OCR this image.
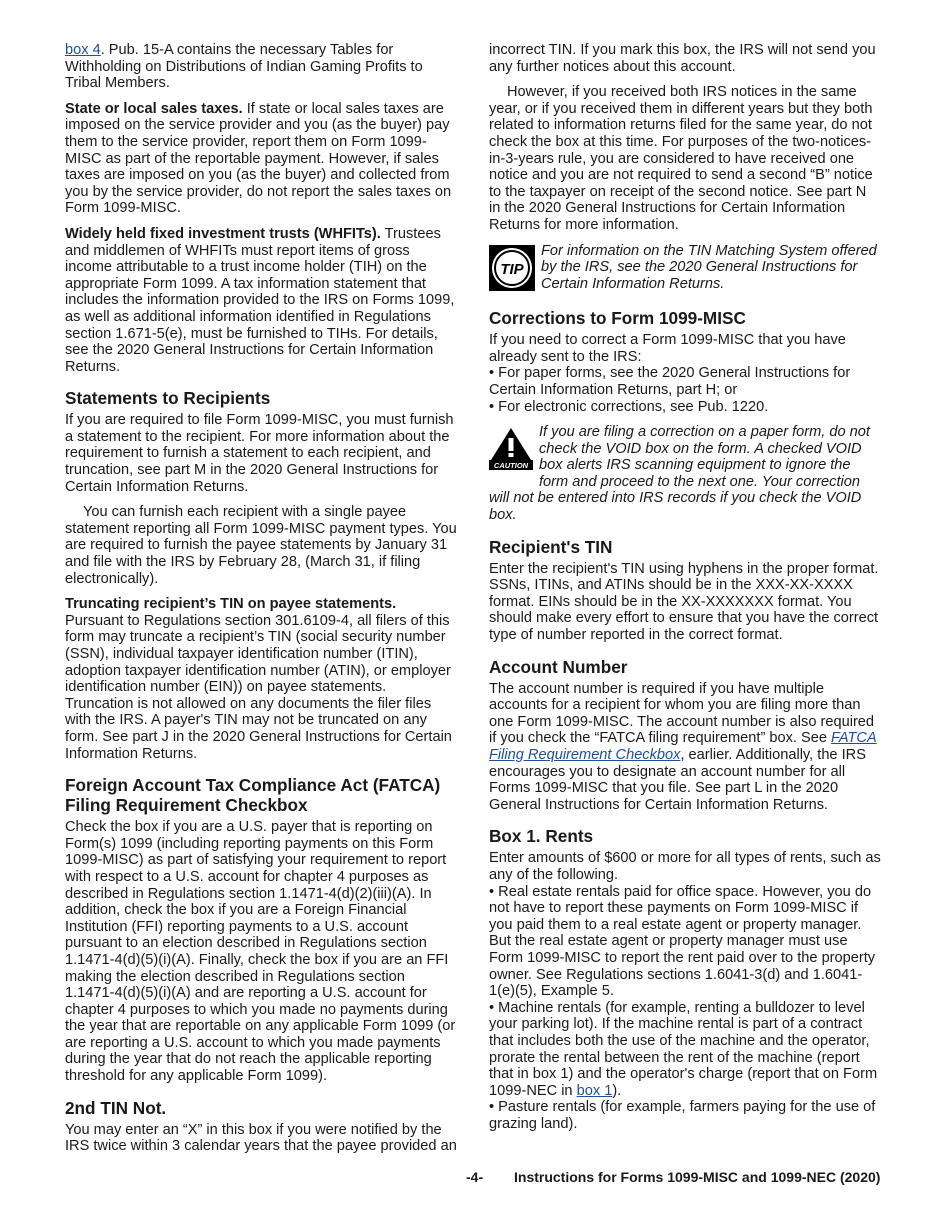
box 4. Pub. 15-A contains the necessary Tables for Withholding on Distributions of Indian Gaming Profits to Tribal Members.

State or local sales taxes. If state or local sales taxes are imposed on the service provider and you (as the buyer) pay them to the service provider, report them on Form 1099-MISC as part of the reportable payment. However, if sales taxes are imposed on you (as the buyer) and collected from you by the service provider, do not report the sales taxes on Form 1099-MISC.

Widely held fixed investment trusts (WHFITs). Trustees and middlemen of WHFITs must report items of gross income attributable to a trust income holder (TIH) on the appropriate Form 1099. A tax information statement that includes the information provided to the IRS on Forms 1099, as well as additional information identified in Regulations section 1.671-5(e), must be furnished to TIHs. For details, see the 2020 General Instructions for Certain Information Returns.

Statements to Recipients

If you are required to file Form 1099-MISC, you must furnish a statement to the recipient. For more information about the requirement to furnish a statement to each recipient, and truncation, see part M in the 2020 General Instructions for Certain Information Returns.

You can furnish each recipient with a single payee statement reporting all Form 1099-MISC payment types. You are required to furnish the payee statements by January 31 and file with the IRS by February 28, (March 31, if filing electronically).

Truncating recipient’s TIN on payee statements. Pursuant to Regulations section 301.6109-4, all filers of this form may truncate a recipient’s TIN (social security number (SSN), individual taxpayer identification number (ITIN), adoption taxpayer identification number (ATIN), or employer identification number (EIN)) on payee statements. Truncation is not allowed on any documents the filer files with the IRS. A payer's TIN may not be truncated on any form. See part J in the 2020 General Instructions for Certain Information Returns.

Foreign Account Tax Compliance Act (FATCA) Filing Requirement Checkbox

Check the box if you are a U.S. payer that is reporting on Form(s) 1099 (including reporting payments on this Form 1099-MISC) as part of satisfying your requirement to report with respect to a U.S. account for chapter 4 purposes as described in Regulations section 1.1471-4(d)(2)(iii)(A). In addition, check the box if you are a Foreign Financial Institution (FFI) reporting payments to a U.S. account pursuant to an election described in Regulations section 1.1471-4(d)(5)(i)(A). Finally, check the box if you are an FFI making the election described in Regulations section 1.1471-4(d)(5)(i)(A) and are reporting a U.S. account for chapter 4 purposes to which you made no payments during the year that are reportable on any applicable Form 1099 (or are reporting a U.S. account to which you made payments during the year that do not reach the applicable reporting threshold for any applicable Form 1099).

2nd TIN Not.

You may enter an “X” in this box if you were notified by the IRS twice within 3 calendar years that the payee provided an

incorrect TIN. If you mark this box, the IRS will not send you any further notices about this account.

However, if you received both IRS notices in the same year, or if you received them in different years but they both related to information returns filed for the same year, do not check the box at this time. For purposes of the two-notices-in-3-years rule, you are considered to have received one notice and you are not required to send a second “B” notice to the taxpayer on receipt of the second notice. See part N in the 2020 General Instructions for Certain Information Returns for more information.

TIP
For information on the TIN Matching System offered by the IRS, see the 2020 General Instructions for Certain Information Returns.
Corrections to Form 1099-MISC

If you need to correct a Form 1099-MISC that you have already sent to the IRS:

• For paper forms, see the 2020 General Instructions for Certain Information Returns, part H; or
• For electronic corrections, see Pub. 1220.
CAUTION
If you are filing a correction on a paper form, do not check the VOID box on the form. A checked VOID box alerts IRS scanning equipment to ignore the form and proceed to the next one. Your correction will not be entered into IRS records if you check the VOID box.
Recipient's TIN

Enter the recipient's TIN using hyphens in the proper format. SSNs, ITINs, and ATINs should be in the XXX-XX-XXXX format. EINs should be in the XX-XXXXXXX format. You should make every effort to ensure that you have the correct type of number reported in the correct format.

Account Number

The account number is required if you have multiple accounts for a recipient for whom you are filing more than one Form 1099-MISC. The account number is also required if you check the “FATCA filing requirement” box. See FATCA Filing Requirement Checkbox, earlier. Additionally, the IRS encourages you to designate an account number for all Forms 1099-MISC that you file. See part L in the 2020 General Instructions for Certain Information Returns.

Box 1. Rents

Enter amounts of $600 or more for all types of rents, such as any of the following.

• Real estate rentals paid for office space. However, you do not have to report these payments on Form 1099-MISC if you paid them to a real estate agent or property manager. But the real estate agent or property manager must use Form 1099-MISC to report the rent paid over to the property owner. See Regulations sections 1.6041-3(d) and 1.6041-1(e)(5), Example 5.
• Machine rentals (for example, renting a bulldozer to level your parking lot). If the machine rental is part of a contract that includes both the use of the machine and the operator, prorate the rental between the rent of the machine (report that in box 1) and the operator's charge (report that on Form 1099-NEC in box 1).
• Pasture rentals (for example, farmers paying for the use of grazing land).
-4- Instructions for Forms 1099-MISC and 1099-NEC (2020)
